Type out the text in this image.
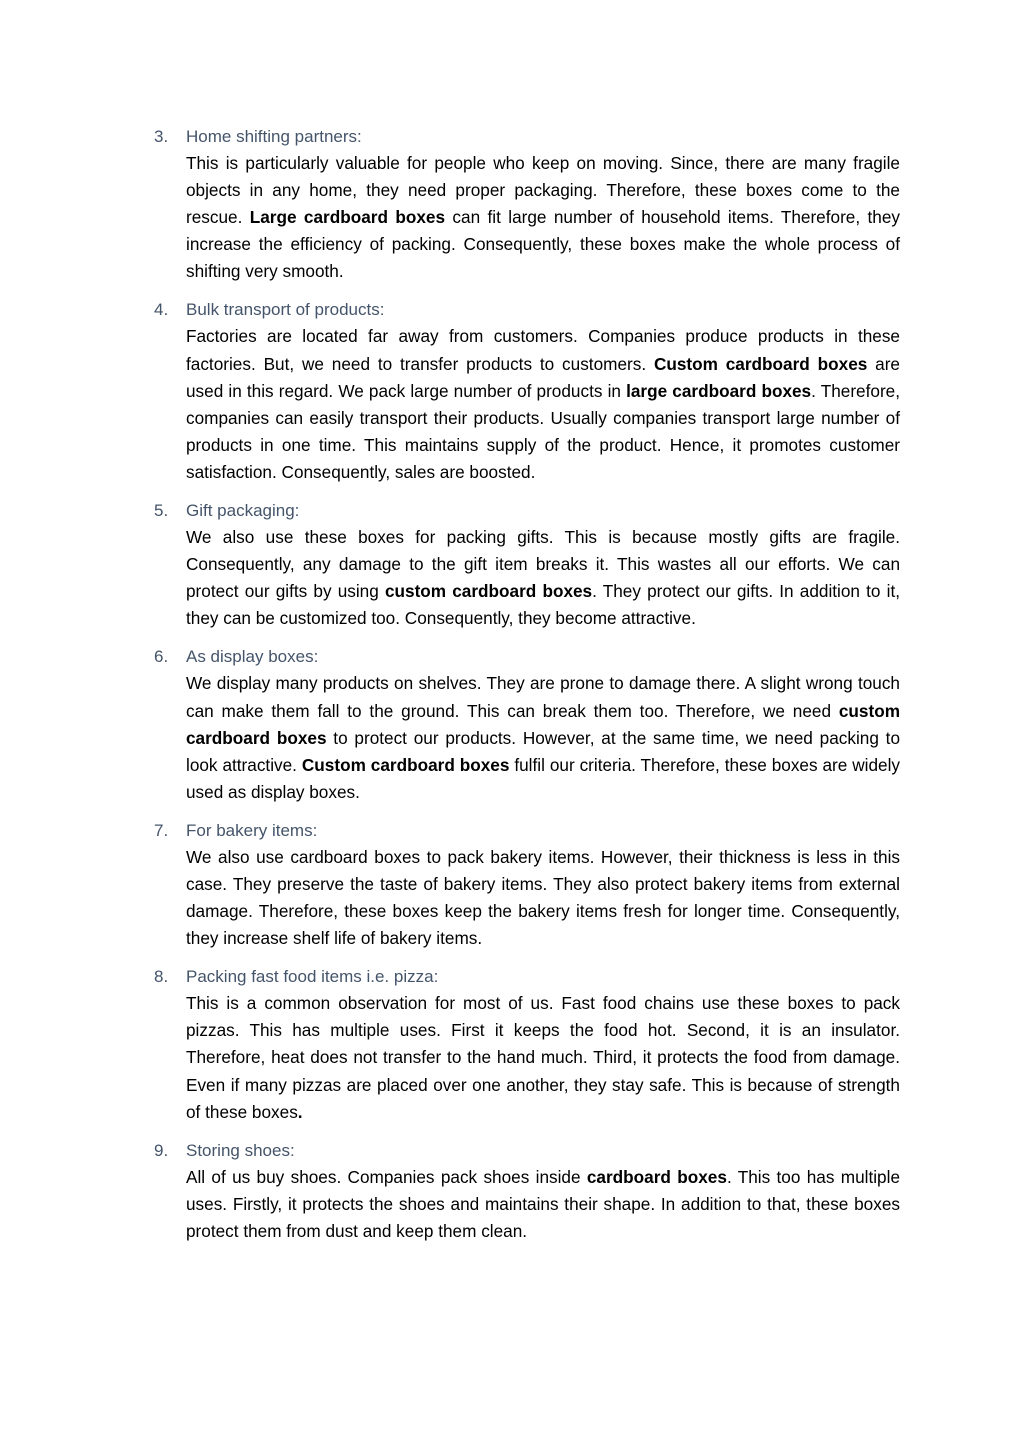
3.	Home shifting partners:

This is particularly valuable for people who keep on moving. Since, there are many fragile objects in any home, they need proper packaging. Therefore, these boxes come to the rescue. Large cardboard boxes can fit large number of household items. Therefore, they increase the efficiency of packing. Consequently, these boxes make the whole process of shifting very smooth.

4.	Bulk transport of products:

Factories are located far away from customers. Companies produce products in these factories. But, we need to transfer products to customers. Custom cardboard boxes are used in this regard. We pack large number of products in large cardboard boxes. Therefore, companies can easily transport their products. Usually companies transport large number of products in one time. This maintains supply of the product. Hence, it promotes customer satisfaction. Consequently, sales are boosted.

5.	Gift packaging:

We also use these boxes for packing gifts. This is because mostly gifts are fragile. Consequently, any damage to the gift item breaks it. This wastes all our efforts. We can protect our gifts by using custom cardboard boxes. They protect our gifts. In addition to it, they can be customized too. Consequently, they become attractive.

6.	As display boxes:

We display many products on shelves. They are prone to damage there. A slight wrong touch can make them fall to the ground. This can break them too. Therefore, we need custom cardboard boxes to protect our products. However, at the same time, we need packing to look attractive. Custom cardboard boxes fulfil our criteria. Therefore, these boxes are widely used as display boxes.

7.	For bakery items:

We also use cardboard boxes to pack bakery items. However, their thickness is less in this case. They preserve the taste of bakery items. They also protect bakery items from external damage. Therefore, these boxes keep the bakery items fresh for longer time. Consequently, they increase shelf life of bakery items.

8.	Packing fast food items i.e. pizza:

This is a common observation for most of us. Fast food chains use these boxes to pack pizzas. This has multiple uses. First it keeps the food hot. Second, it is an insulator. Therefore, heat does not transfer to the hand much. Third, it protects the food from damage. Even if many pizzas are placed over one another, they stay safe. This is because of strength of these boxes.

9.	Storing shoes:

All of us buy shoes. Companies pack shoes inside cardboard boxes. This too has multiple uses. Firstly, it protects the shoes and maintains their shape. In addition to that, these boxes protect them from dust and keep them clean.
